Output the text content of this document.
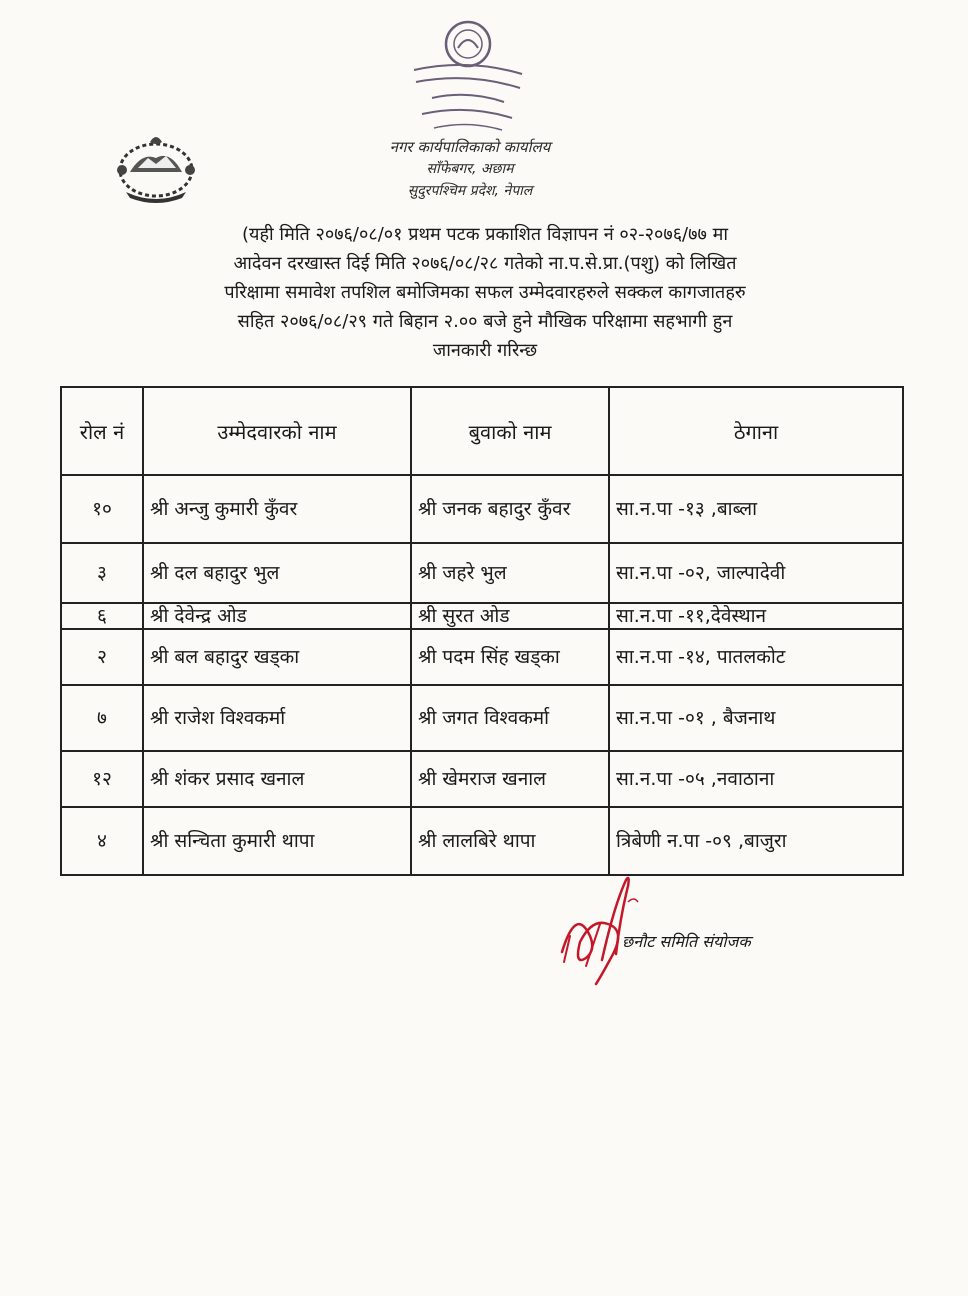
नगर कार्यपालिकाको कार्यालय
साँफेबगर, अछाम
सुदुरपश्चिम प्रदेश, नेपाल
(यही मिति २०७६/०८/०१ प्रथम पटक प्रकाशित विज्ञापन नं ०२-२०७६/७७ मा
आदेवन दरखास्त दिई मिति २०७६/०८/२८ गतेको ना.प.से.प्रा.(पशु) को लिखित
परिक्षामा समावेश तपशिल बमोजिमका सफल उम्मेदवारहरुले सक्कल कागजातहरु
सहित २०७६/०८/२९ गते बिहान २.०० बजे हुने मौखिक परिक्षामा सहभागी हुन
जानकारी गरिन्छ
रोल नं	उम्मेदवारको नाम	बुवाको नाम	ठेगाना
१०	श्री अन्जु कुमारी कुँवर	श्री जनक बहादुर कुँवर	सा.न.पा -१३ ,बाब्ला
३	श्री दल बहादुर भुल	श्री जहरे भुल	सा.न.पा -०२, जाल्पादेवी
६	श्री देवेन्द्र ओड	श्री सुरत ओड	सा.न.पा -११,देवेस्थान
२	श्री बल बहादुर खड्का	श्री पदम सिंह खड्का	सा.न.पा -१४, पातलकोट
७	श्री राजेश विश्वकर्मा	श्री जगत विश्वकर्मा	सा.न.पा -०१ , बैजनाथ
१२	श्री शंकर प्रसाद खनाल	श्री खेमराज खनाल	सा.न.पा -०५ ,नवाठाना
४	श्री सन्चिता कुमारी थापा	श्री लालबिरे थापा	त्रिबेणी न.पा -०९ ,बाजुरा
छनौट समिति संयोजक
